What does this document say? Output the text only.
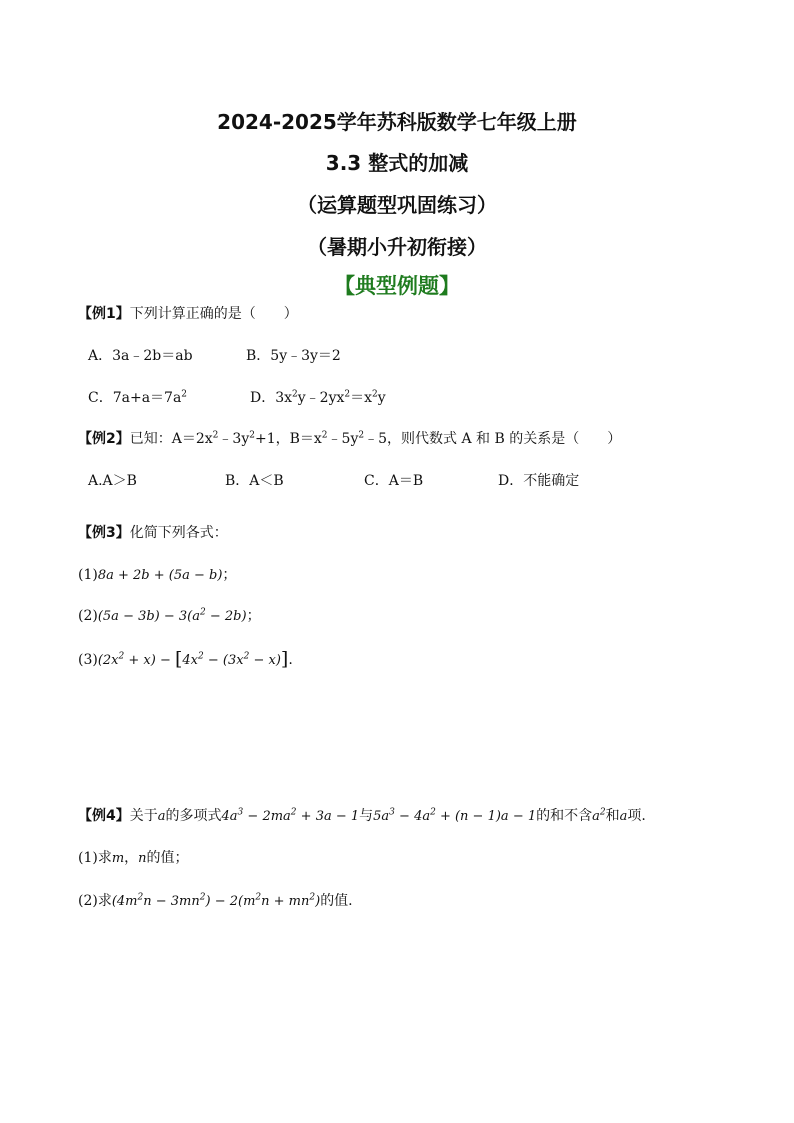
2024-2025学年苏科版数学七年级上册
3.3 整式的加减
（运算题型巩固练习）
（暑期小升初衔接）
【典型例题】
【例1】下列计算正确的是（　　）
A．3a﹣2b＝ab	B．5y﹣3y＝2
C．$7a+a=7a^2$	D．$3x^2y﹣2yx^2=x^2y$
【例2】已知：$A=2x^2﹣3y^2+1$，$B=x^2﹣5y^2﹣5$，则代数式 A 和 B 的关系是（　　）
A.A＞B	B．A＜B	C．A＝B	D．不能确定
【例3】化简下列各式：
(1)8a + 2b + (5a − b)；
$(2)(5a - 3b) - 3(a^2 - 2b)$；
$(3)(2x^2 + x) - [4x^2 - (3x^2 - x)]$.
【例4】关于a的多项式$4a^3 - 2ma^2 + 3a - 1$与$5a^3 - 4a^2 + (n - 1)a - 1$的和不含$a^2$和a项.
(1)求m，n的值；
(2)求$(4m^2n - 3mn^2) - 2(m^2n + mn^2)$的值.
